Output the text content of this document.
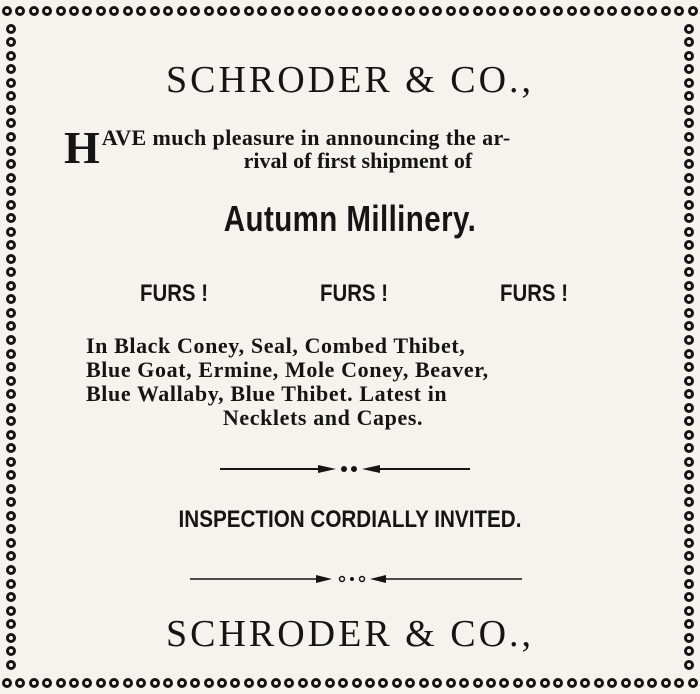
SCHRODER & CO.,
H AVE much pleasure in announcing the ar-
rival of first shipment of
Autumn Millinery.
FURS !	FURS !	FURS !
In Black Coney, Seal, Combed Thibet,
Blue Goat, Ermine, Mole Coney, Beaver,
Blue Wallaby, Blue Thibet. Latest in
Necklets and Capes.
INSPECTION CORDIALLY INVITED.
SCHRODER & CO.,
